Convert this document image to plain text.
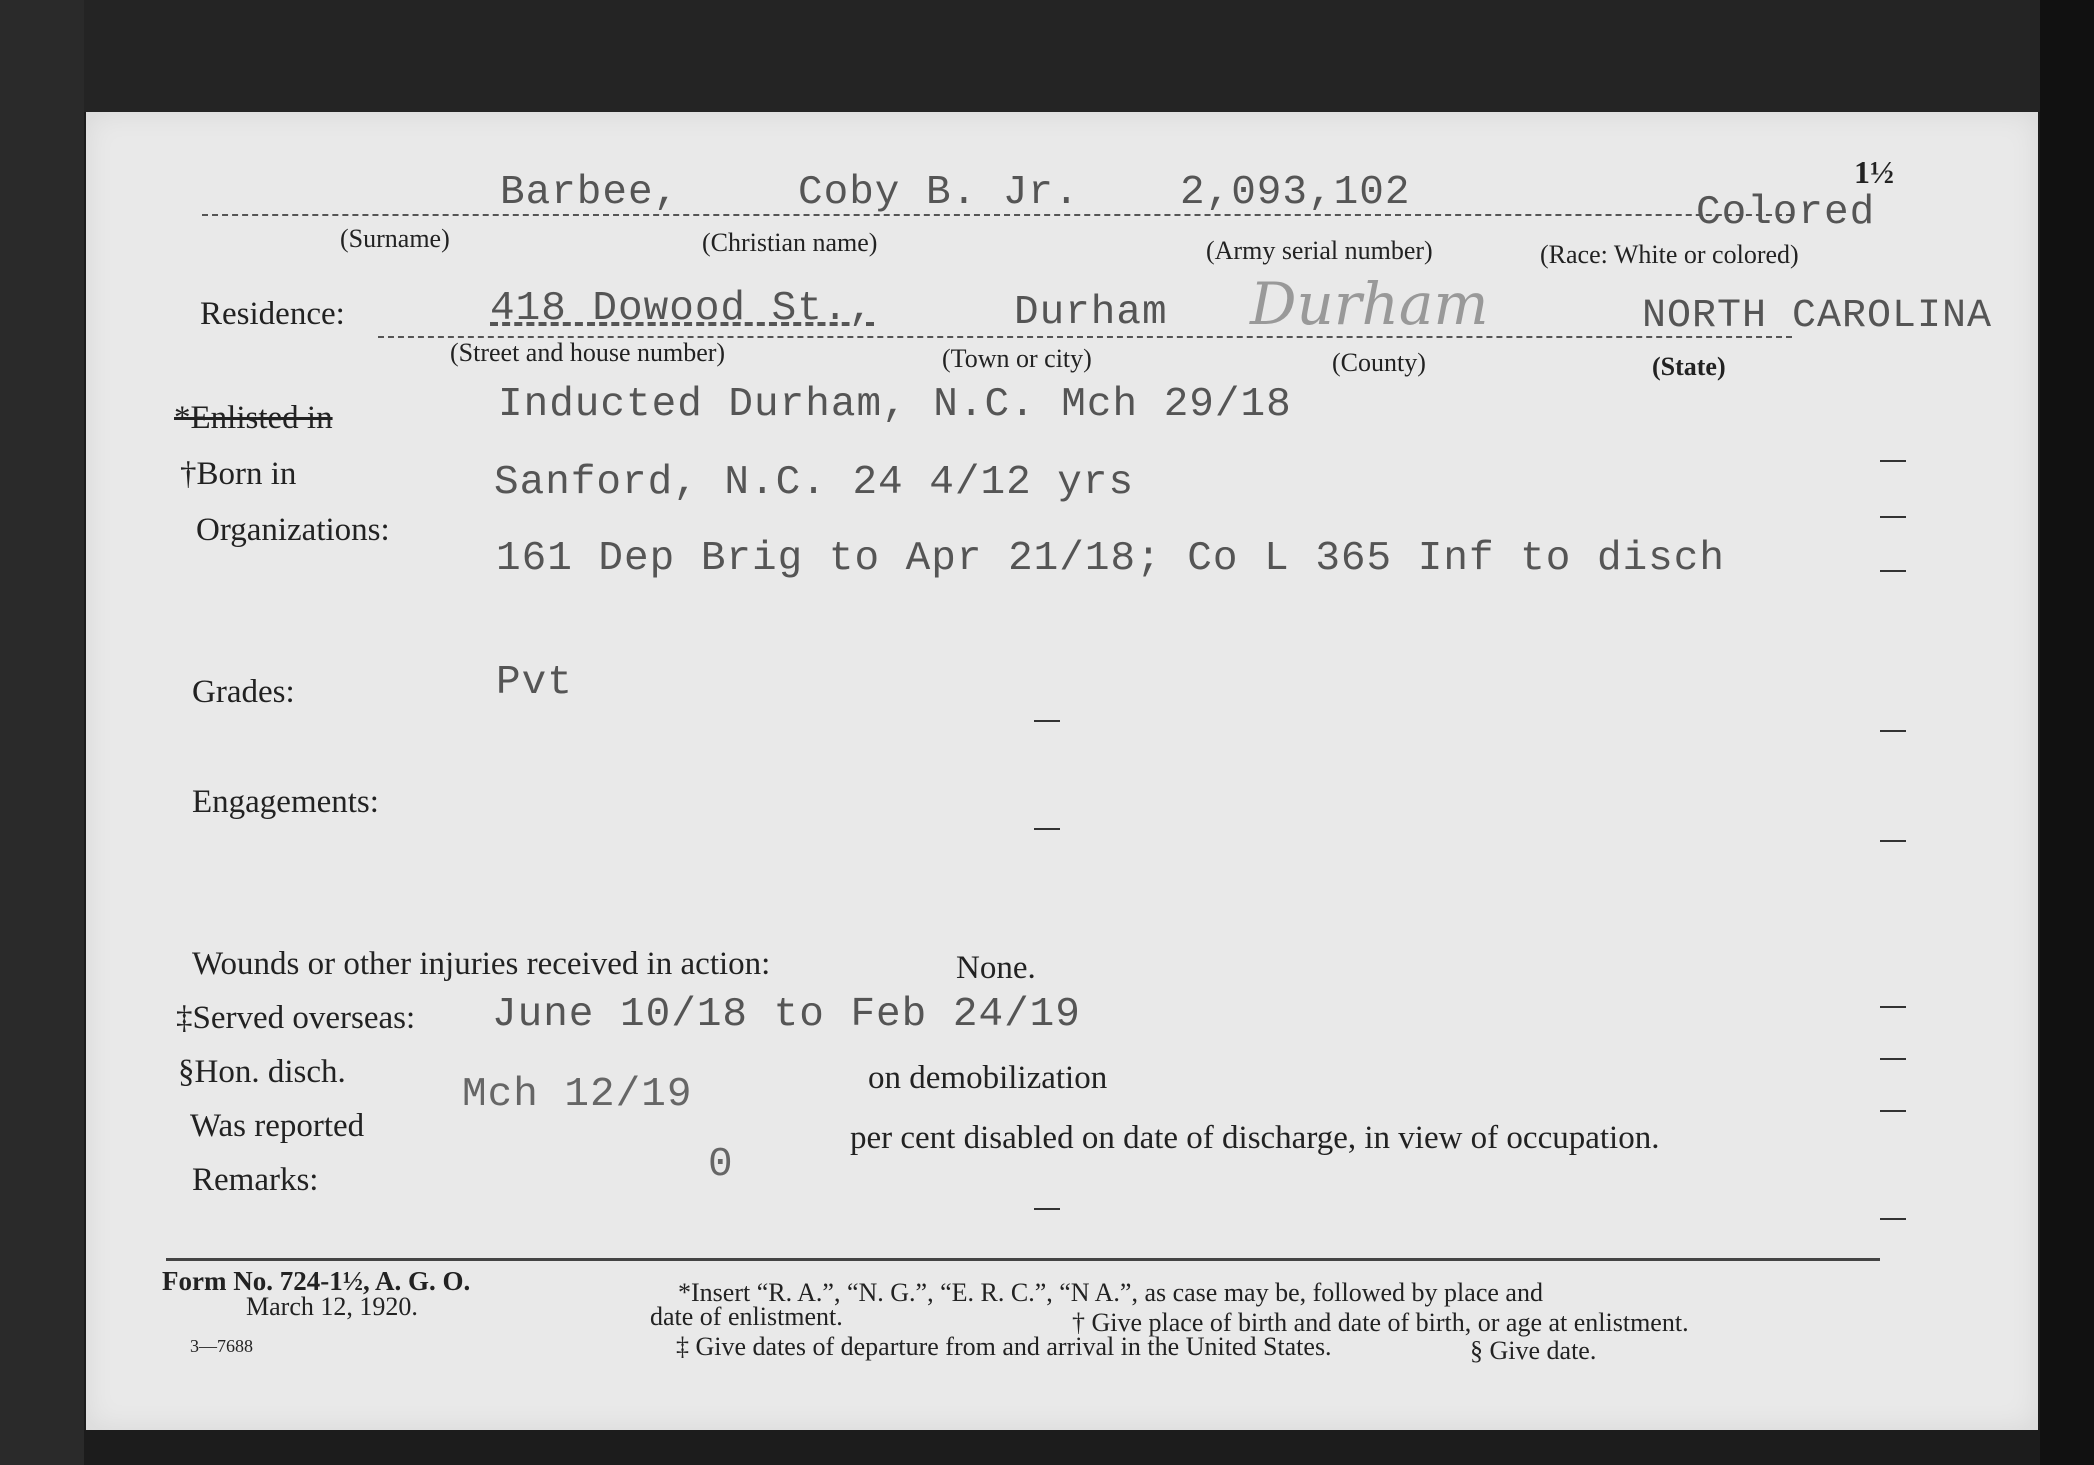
Barbee,	Coby B. Jr. 2,093,102	1½
Colored
(Surname)	(Christian name)	(Army serial number)	(Race: White or colored)
Residence:	418 Dowood St.,	Durham Durham	NORTH CAROLINA
(Street and house number)	(Town or city)	(County)	(State)
*Enlisted in	Inducted Durham, N.C. Mch 29/18
†Born in	Sanford, N.C. 24 4/12 yrs
Organizations:
161 Dep Brig to Apr 21/18; Co L 365 Inf to disch
Grades:	Pvt
Engagements:
Wounds or other injuries received in action:	None.
‡Served overseas: June 10/18 to Feb 24/19
§Hon. disch.	Mch 12/19	on demobilization
Was reported
0
per cent disabled on date of discharge, in view of occupation.
Remarks:
Form No. 724-1½, A. G. O.
March 12, 1920.
3—7688
*Insert “R. A.”, “N. G.”, “E. R. C.”, “N A.”, as case may be, followed by place and
date of enlistment.	† Give place of birth and date of birth, or age at enlistment.
‡ Give dates of departure from and arrival in the United States.	§ Give date.
